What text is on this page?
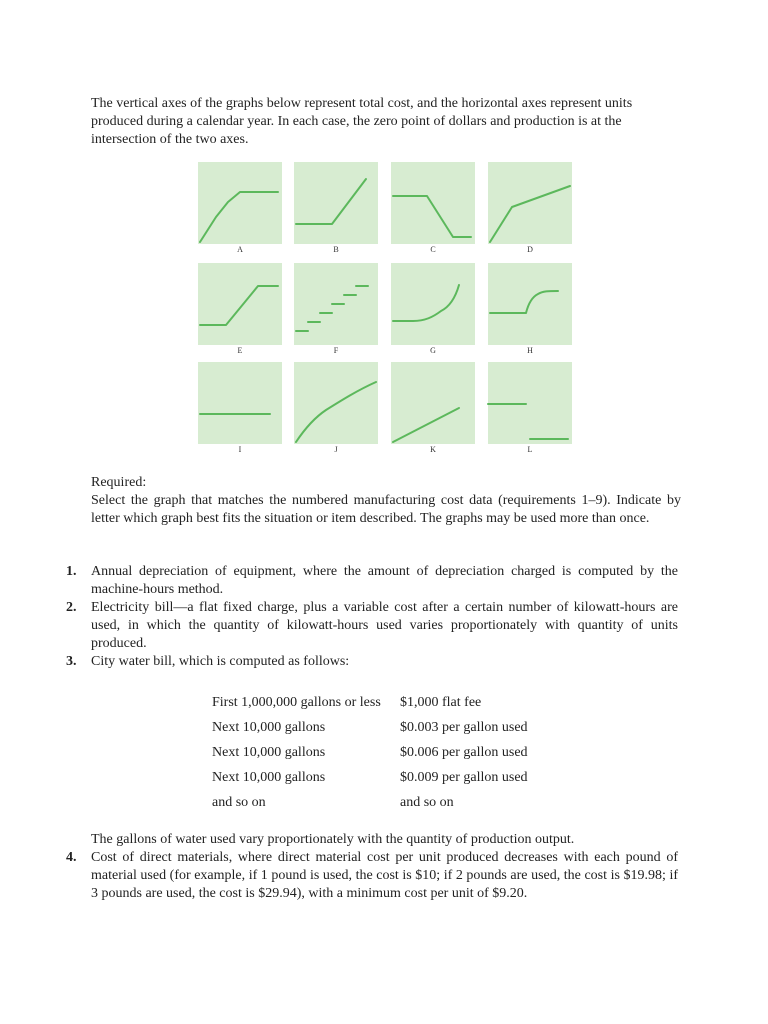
The vertical axes of the graphs below represent total cost, and the horizontal axes represent units produced during a calendar year. In each case, the zero point of dollars and production is at the intersection of the two axes.
A	B	C	D
E	F	G	H
I	J	K	L
Required:
Select the graph that matches the numbered manufacturing cost data (requirements 1–9). Indicate by letter which graph best fits the situation or item described. The graphs may be used more than once.
1.	Annual depreciation of equipment, where the amount of depreciation charged is computed by the machine-hours method.
2.	Electricity bill—a flat fixed charge, plus a variable cost after a certain number of kilowatt-hours are used, in which the quantity of kilowatt-hours used varies proportionately with quantity of units produced.
3.	City water bill, which is computed as follows:
First 1,000,000 gallons or less	$1,000 flat fee
Next 10,000 gallons	$0.003 per gallon used
Next 10,000 gallons	$0.006 per gallon used
Next 10,000 gallons	$0.009 per gallon used
and so on	and so on
The gallons of water used vary proportionately with the quantity of production output.
4.	Cost of direct materials, where direct material cost per unit produced decreases with each pound of material used (for example, if 1 pound is used, the cost is $10; if 2 pounds are used, the cost is $19.98; if 3 pounds are used, the cost is $29.94), with a minimum cost per unit of $9.20.
